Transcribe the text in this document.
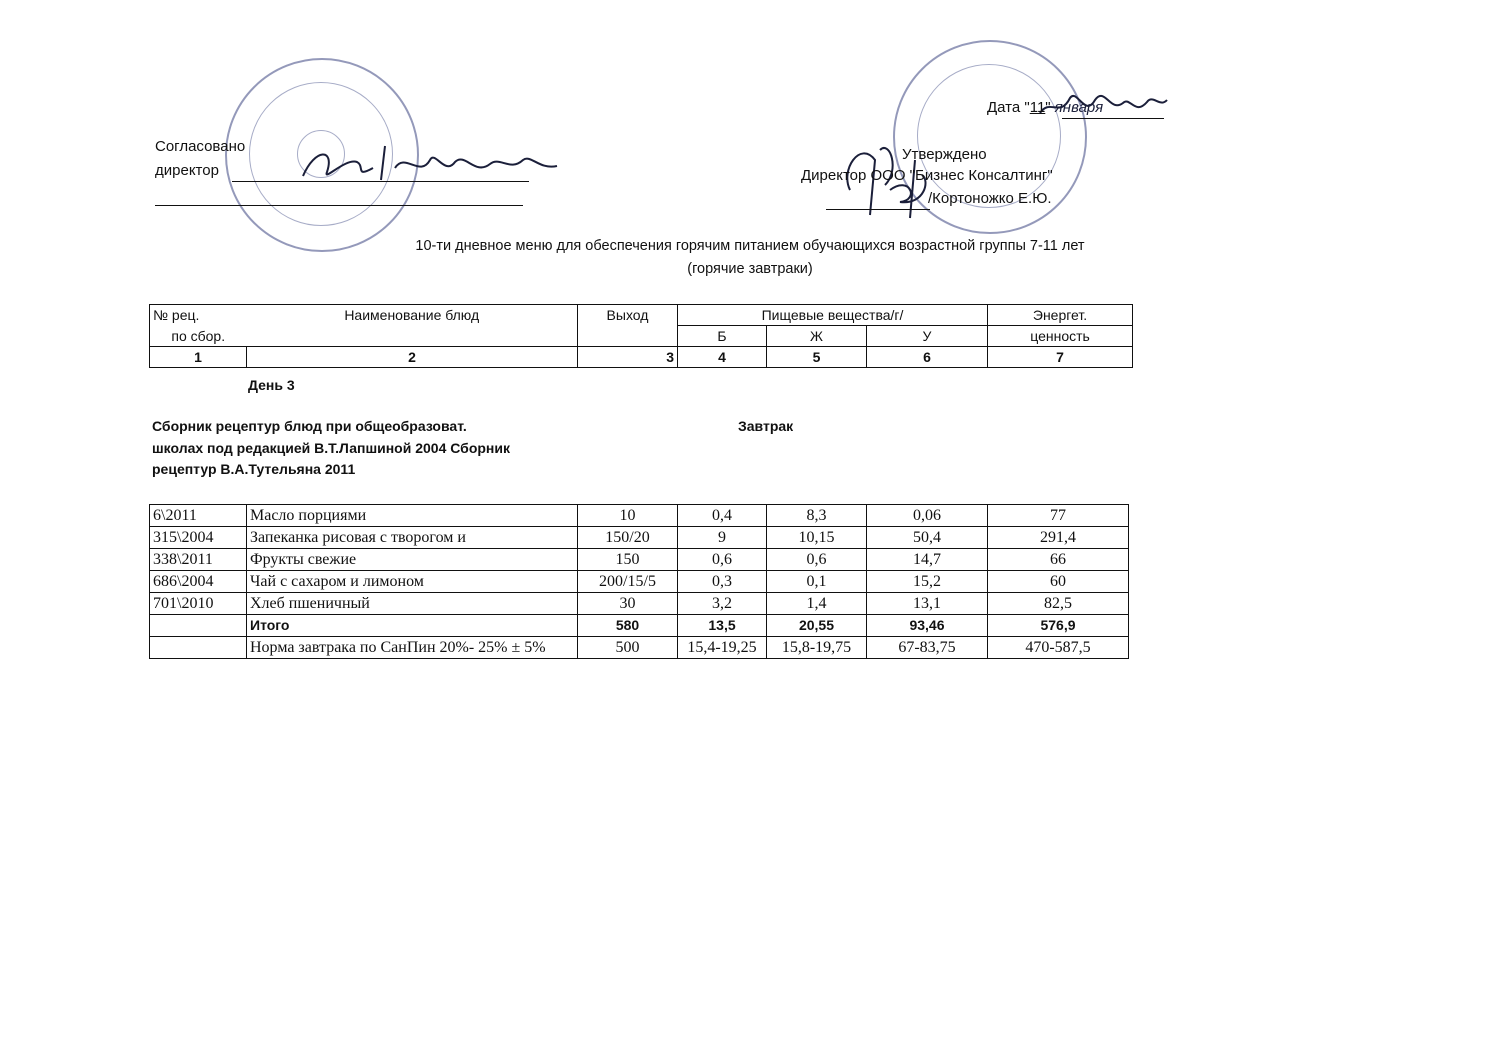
Согласовано
директор
Дата "11" января
Утверждено
Директор ООО "Бизнес Консалтинг"
/Кортоножко Е.Ю.
10-ти дневное меню для обеспечения горячим питанием обучающихся возрастной группы 7-11 лет
(горячие завтраки)
№ рец.	Наименование блюд	Выход	Пищевые вещества/г/			Энергет.
по сбор.			Б	Ж	У	ценность
1	2	3	4	5	6	7
День 3
Сборник рецептур блюд при общеобразоват.
школах под редакцией В.Т.Лапшиной 2004 Сборник
рецептур В.А.Тутельяна 2011
Завтрак
6\2011	Масло порциями	10	0,4	8,3	0,06	77
315\2004	Запеканка рисовая с творогом и	150/20	9	10,15	50,4	291,4
338\2011	Фрукты свежие	150	0,6	0,6	14,7	66
686\2004	Чай с сахаром и лимоном	200/15/5	0,3	0,1	15,2	60
701\2010	Хлеб пшеничный	30	3,2	1,4	13,1	82,5
	Итого	580	13,5	20,55	93,46	576,9
	Норма завтрака по СанПин 20%- 25% ± 5%	500	15,4-19,25	15,8-19,75	67-83,75	470-587,5
